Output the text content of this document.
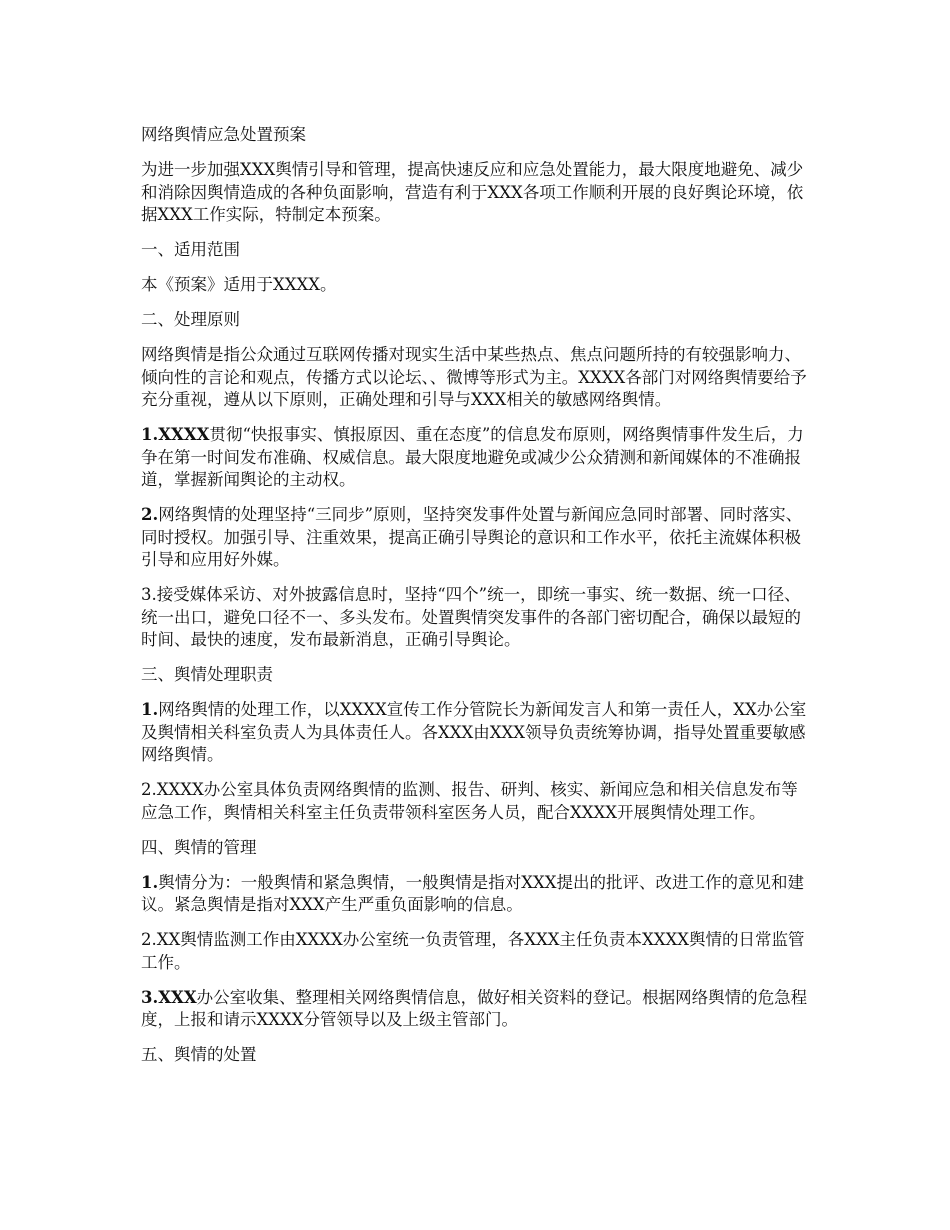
网络舆情应急处置预案
为进一步加强XXX舆情引导和管理，提高快速反应和应急处置能力，最大限度地避免、减少和消除因舆情造成的各种负面影响，营造有利于XXX各项工作顺利开展的良好舆论环境，依据XXX工作实际，特制定本预案。
一、适用范围
本《预案》适用于XXXX。
二、处理原则
网络舆情是指公众通过互联网传播对现实生活中某些热点、焦点问题所持的有较强影响力、倾向性的言论和观点，传播方式以论坛、、微博等形式为主。XXXX各部门对网络舆情要给予充分重视，遵从以下原则，正确处理和引导与XXX相关的敏感网络舆情。
1.XXXX贯彻“快报事实、慎报原因、重在态度”的信息发布原则，网络舆情事件发生后，力争在第一时间发布准确、权威信息。最大限度地避免或减少公众猜测和新闻媒体的不准确报道，掌握新闻舆论的主动权。
2.网络舆情的处理坚持“三同步”原则，坚持突发事件处置与新闻应急同时部署、同时落实、同时授权。加强引导、注重效果，提高正确引导舆论的意识和工作水平，依托主流媒体积极引导和应用好外媒。
3.接受媒体采访、对外披露信息时，坚持“四个”统一，即统一事实、统一数据、统一口径、统一出口，避免口径不一、多头发布。处置舆情突发事件的各部门密切配合，确保以最短的时间、最快的速度，发布最新消息，正确引导舆论。
三、舆情处理职责
1.网络舆情的处理工作，以XXXX宣传工作分管院长为新闻发言人和第一责任人，XX办公室及舆情相关科室负责人为具体责任人。各XXX由XXX领导负责统筹协调，指导处置重要敏感网络舆情。
2.XXXX办公室具体负责网络舆情的监测、报告、研判、核实、新闻应急和相关信息发布等应急工作，舆情相关科室主任负责带领科室医务人员，配合XXXX开展舆情处理工作。
四、舆情的管理
1.舆情分为：一般舆情和紧急舆情，一般舆情是指对XXX提出的批评、改进工作的意见和建议。紧急舆情是指对XXX产生严重负面影响的信息。
2.XX舆情监测工作由XXXX办公室统一负责管理，各XXX主任负责本XXXX舆情的日常监管工作。
3.XXX办公室收集、整理相关网络舆情信息，做好相关资料的登记。根据网络舆情的危急程度，上报和请示XXXX分管领导以及上级主管部门。
五、舆情的处置
